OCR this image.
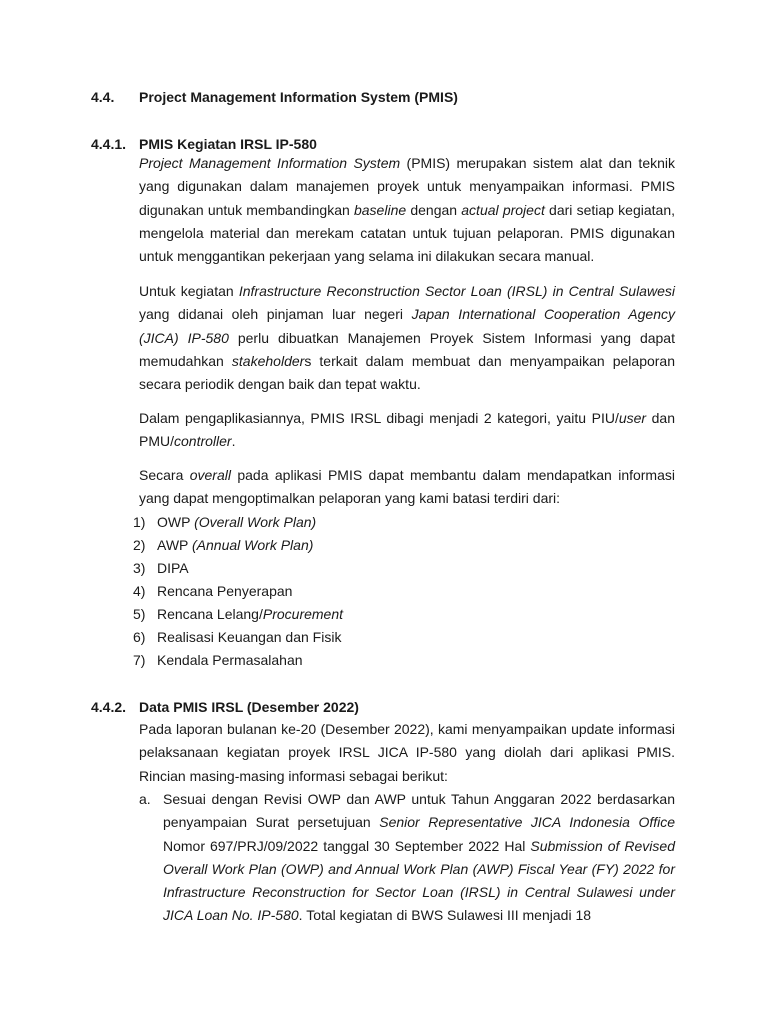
4.4. Project Management Information System (PMIS)
4.4.1. PMIS Kegiatan IRSL IP-580
Project Management Information System (PMIS) merupakan sistem alat dan teknik yang digunakan dalam manajemen proyek untuk menyampaikan informasi. PMIS digunakan untuk membandingkan baseline dengan actual project dari setiap kegiatan, mengelola material dan merekam catatan untuk tujuan pelaporan. PMIS digunakan untuk menggantikan pekerjaan yang selama ini dilakukan secara manual.
Untuk kegiatan Infrastructure Reconstruction Sector Loan (IRSL) in Central Sulawesi yang didanai oleh pinjaman luar negeri Japan International Cooperation Agency (JICA) IP-580 perlu dibuatkan Manajemen Proyek Sistem Informasi yang dapat memudahkan stakeholders terkait dalam membuat dan menyampaikan pelaporan secara periodik dengan baik dan tepat waktu.
Dalam pengaplikasiannya, PMIS IRSL dibagi menjadi 2 kategori, yaitu PIU/user dan PMU/controller.
Secara overall pada aplikasi PMIS dapat membantu dalam mendapatkan informasi yang dapat mengoptimalkan pelaporan yang kami batasi terdiri dari:
1) OWP (Overall Work Plan)
2) AWP (Annual Work Plan)
3) DIPA
4) Rencana Penyerapan
5) Rencana Lelang/Procurement
6) Realisasi Keuangan dan Fisik
7) Kendala Permasalahan
4.4.2. Data PMIS IRSL (Desember 2022)
Pada laporan bulanan ke-20 (Desember 2022), kami menyampaikan update informasi pelaksanaan kegiatan proyek IRSL JICA IP-580 yang diolah dari aplikasi PMIS. Rincian masing-masing informasi sebagai berikut:
a. Sesuai dengan Revisi OWP dan AWP untuk Tahun Anggaran 2022 berdasarkan penyampaian Surat persetujuan Senior Representative JICA Indonesia Office Nomor 697/PRJ/09/2022 tanggal 30 September 2022 Hal Submission of Revised Overall Work Plan (OWP) and Annual Work Plan (AWP) Fiscal Year (FY) 2022 for Infrastructure Reconstruction for Sector Loan (IRSL) in Central Sulawesi under JICA Loan No. IP-580. Total kegiatan di BWS Sulawesi III menjadi 18
